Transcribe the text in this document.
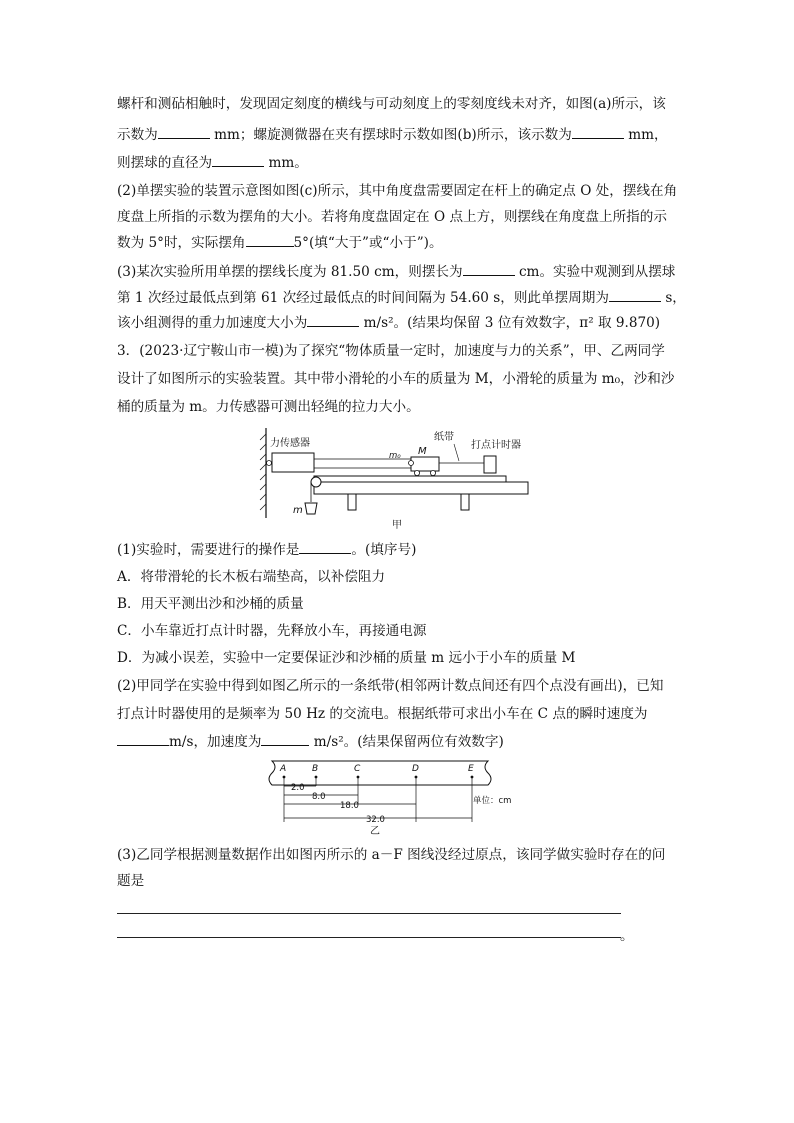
螺杆和测砧相触时，发现固定刻度的横线与可动刻度上的零刻度线未对齐，如图(a)所示，该
示数为	mm；螺旋测微器在夹有摆球时示数如图(b)所示，该示数为	mm，
则摆球的直径为	mm。
(2)单摆实验的装置示意图如图(c)所示，其中角度盘需要固定在杆上的确定点 O 处，摆线在角
度盘上所指的示数为摆角的大小。若将角度盘固定在 O 点上方，则摆线在角度盘上所指的示
数为 5°时，实际摆角	5°(填“大于”或“小于”)。
(3)某次实验所用单摆的摆线长度为 81.50 cm，则摆长为	cm。实验中观测到从摆球
第 1 次经过最低点到第 61 次经过最低点的时间间隔为 54.60 s，则此单摆周期为	s，
该小组测得的重力加速度大小为	m/s²。(结果均保留 3 位有效数字，π² 取 9.870)
3．(2023·辽宁鞍山市一模)为了探究“物体质量一定时，加速度与力的关系”，甲、乙两同学
设计了如图所示的实验装置。其中带小滑轮的小车的质量为 M，小滑轮的质量为 m₀，沙和沙
桶的质量为 m。力传感器可测出轻绳的拉力大小。
力传感器
m₀ M
纸带
打点计时器
m
甲
(1)实验时，需要进行的操作是	。(填序号)
A．将带滑轮的长木板右端垫高，以补偿阻力
B．用天平测出沙和沙桶的质量
C．小车靠近打点计时器，先释放小车，再接通电源
D．为减小误差，实验中一定要保证沙和沙桶的质量 m 远小于小车的质量 M
(2)甲同学在实验中得到如图乙所示的一条纸带(相邻两计数点间还有四个点没有画出)，已知
打点计时器使用的是频率为 50 Hz 的交流电。根据纸带可求出小车在 C 点的瞬时速度为
m/s，加速度为	m/s²。(结果保留两位有效数字)
A	B	C	D	E
2.0
8.0
18.0
32.0
单位：cm
乙
(3)乙同学根据测量数据作出如图丙所示的 a－F 图线没经过原点，该同学做实验时存在的问
题是
。
